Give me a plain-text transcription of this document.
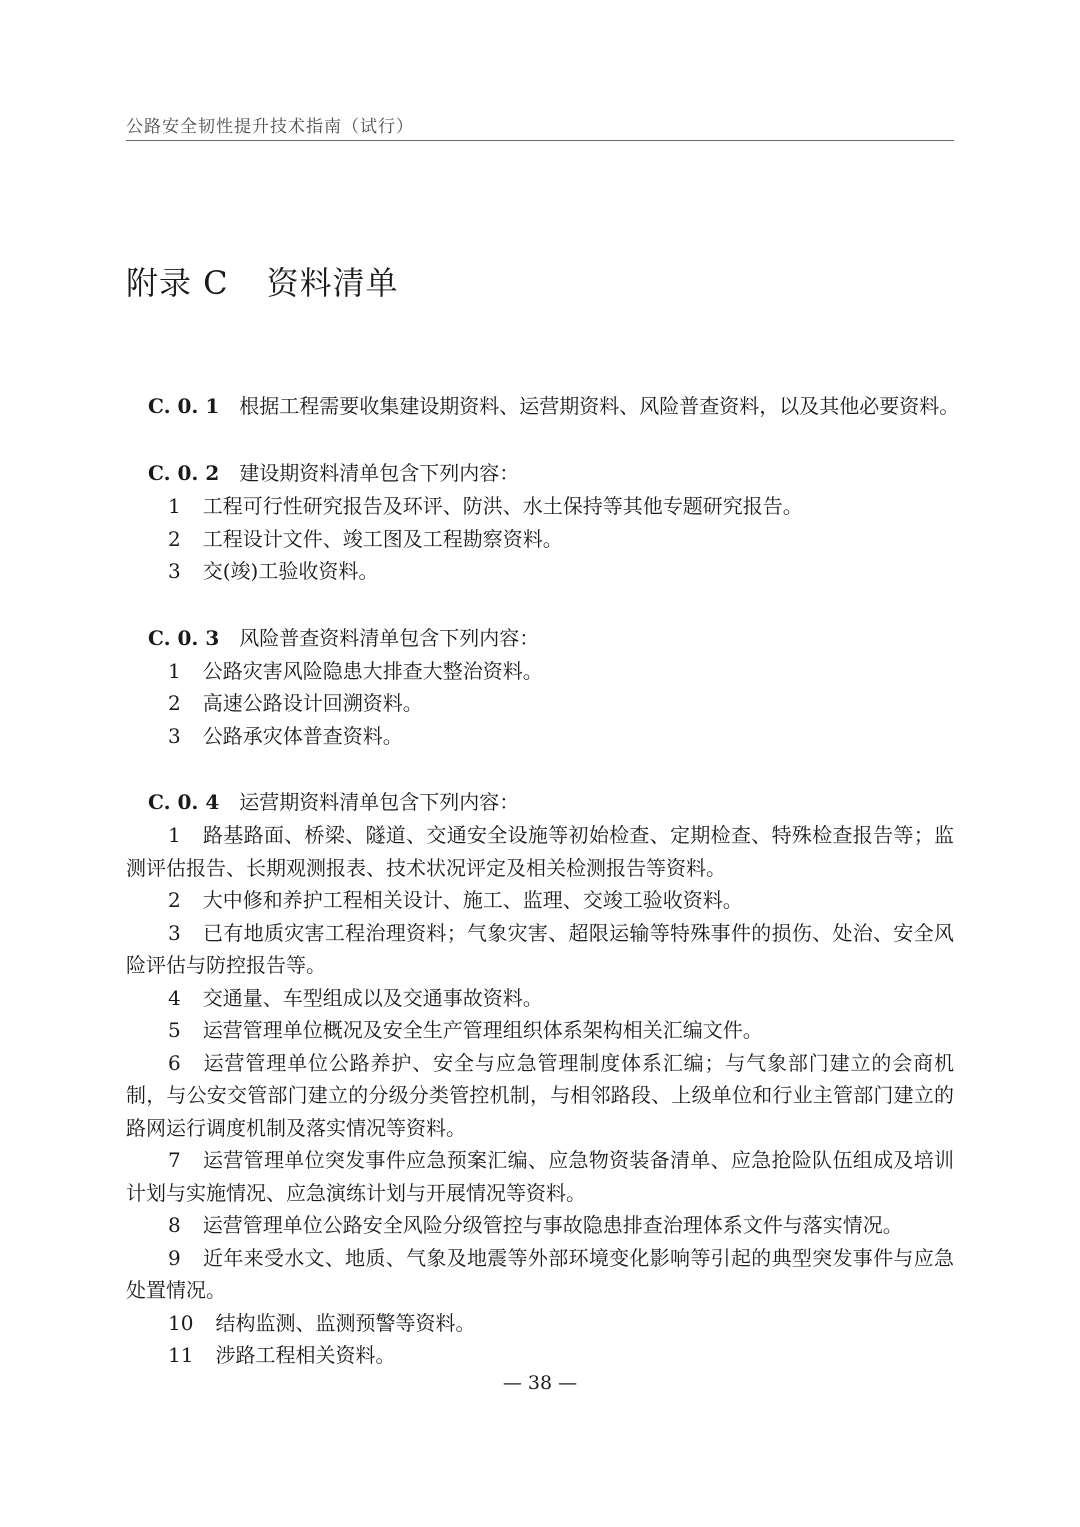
公路安全韧性提升技术指南（试行）
附录 C 资料清单
C. 0. 1 根据工程需要收集建设期资料、运营期资料、风险普查资料，以及其他必要资料。
C. 0. 2 建设期资料清单包含下列内容：
1 工程可行性研究报告及环评、防洪、水土保持等其他专题研究报告。
2 工程设计文件、竣工图及工程勘察资料。
3 交(竣)工验收资料。
C. 0. 3 风险普查资料清单包含下列内容：
1 公路灾害风险隐患大排查大整治资料。
2 高速公路设计回溯资料。
3 公路承灾体普查资料。
C. 0. 4 运营期资料清单包含下列内容：
1 路基路面、桥梁、隧道、交通安全设施等初始检查、定期检查、特殊检查报告等；监测评估报告、长期观测报表、技术状况评定及相关检测报告等资料。
2 大中修和养护工程相关设计、施工、监理、交竣工验收资料。
3 已有地质灾害工程治理资料；气象灾害、超限运输等特殊事件的损伤、处治、安全风险评估与防控报告等。
4 交通量、车型组成以及交通事故资料。
5 运营管理单位概况及安全生产管理组织体系架构相关汇编文件。
6 运营管理单位公路养护、安全与应急管理制度体系汇编；与气象部门建立的会商机制，与公安交管部门建立的分级分类管控机制，与相邻路段、上级单位和行业主管部门建立的路网运行调度机制及落实情况等资料。
7 运营管理单位突发事件应急预案汇编、应急物资装备清单、应急抢险队伍组成及培训计划与实施情况、应急演练计划与开展情况等资料。
8 运营管理单位公路安全风险分级管控与事故隐患排查治理体系文件与落实情况。
9 近年来受水文、地质、气象及地震等外部环境变化影响等引起的典型突发事件与应急处置情况。
10 结构监测、监测预警等资料。
11 涉路工程相关资料。
— 38 —
